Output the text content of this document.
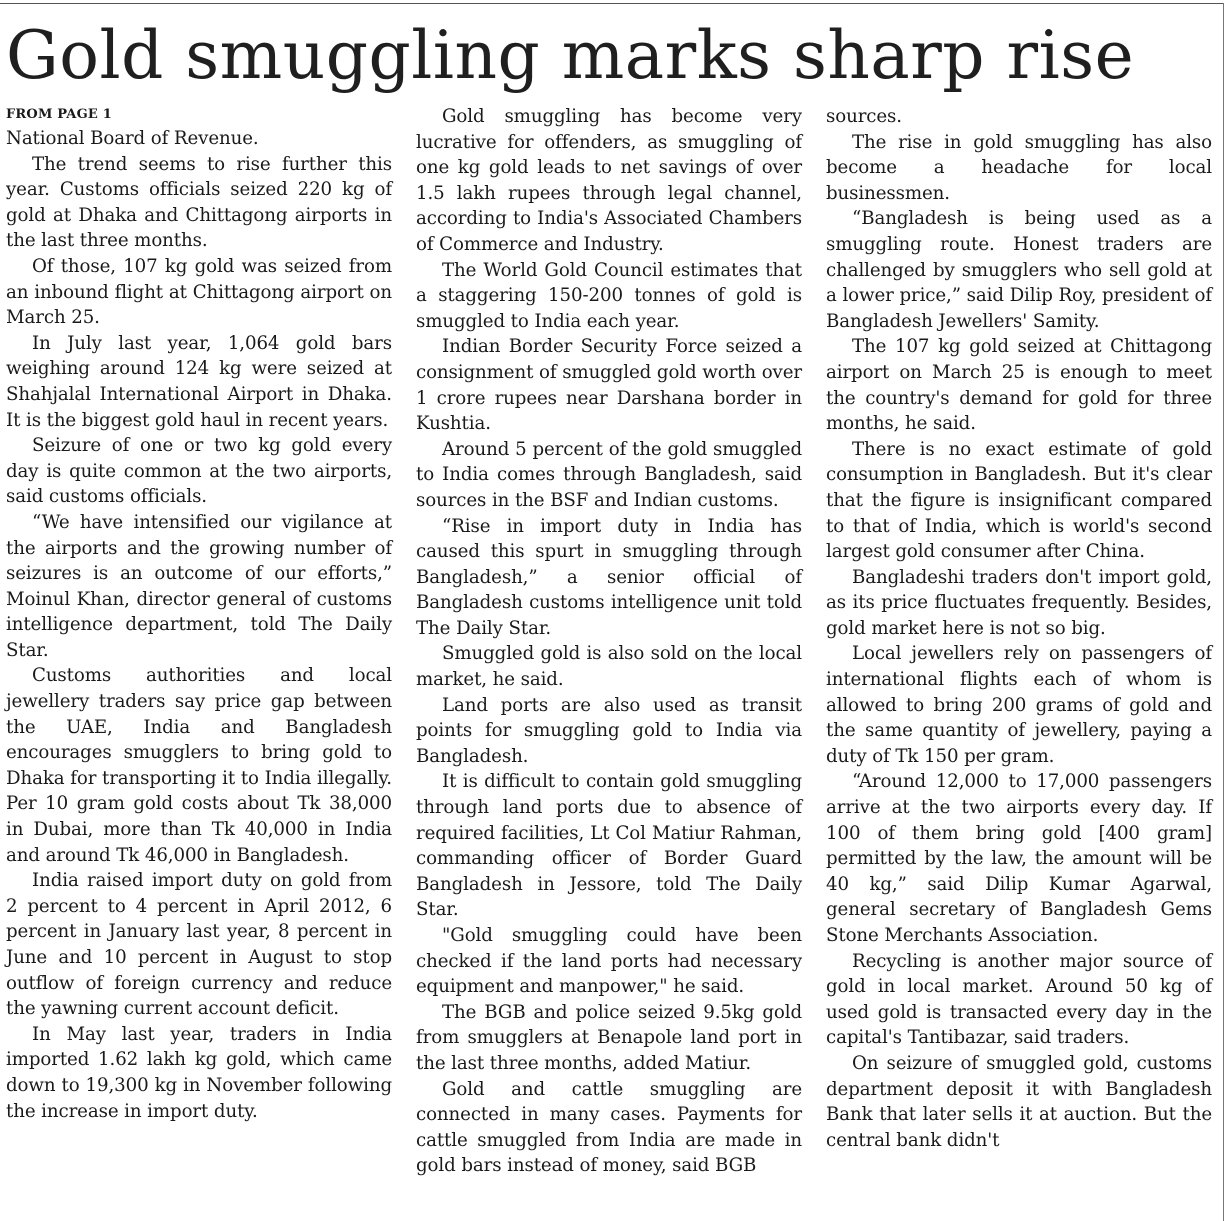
Gold smuggling marks sharp rise
FROM PAGE 1

National Board of Revenue.

The trend seems to rise further this year. Customs officials seized 220 kg of gold at Dhaka and Chittagong airports in the last three months.

Of those, 107 kg gold was seized from an inbound flight at Chittagong airport on March 25.

In July last year, 1,064 gold bars weighing around 124 kg were seized at Shahjalal International Airport in Dhaka. It is the biggest gold haul in recent years.

Seizure of one or two kg gold every day is quite common at the two airports, said customs officials.

“We have intensified our vigilance at the airports and the growing number of seizures is an outcome of our efforts,” Moinul Khan, director general of customs intelligence department, told The Daily Star.

Customs authorities and local jewellery traders say price gap between the UAE, India and Bangladesh encourages smugglers to bring gold to Dhaka for transporting it to India illegally. Per 10 gram gold costs about Tk 38,000 in Dubai, more than Tk 40,000 in India and around Tk 46,000 in Bangladesh.

India raised import duty on gold from 2 percent to 4 percent in April 2012, 6 percent in January last year, 8 percent in June and 10 percent in August to stop outflow of foreign currency and reduce the yawning current account deficit.

In May last year, traders in India imported 1.62 lakh kg gold, which came down to 19,300 kg in November following the increase in import duty.

Gold smuggling has become very lucrative for offenders, as smuggling of one kg gold leads to net savings of over 1.5 lakh rupees through legal channel, according to India's Associated Chambers of Commerce and Industry.

The World Gold Council estimates that a staggering 150-200 tonnes of gold is smuggled to India each year.

Indian Border Security Force seized a consignment of smuggled gold worth over 1 crore rupees near Darshana border in Kushtia.

Around 5 percent of the gold smuggled to India comes through Bangladesh, said sources in the BSF and Indian customs.

“Rise in import duty in India has caused this spurt in smuggling through Bangladesh,” a senior official of Bangladesh customs intelligence unit told The Daily Star.

Smuggled gold is also sold on the local market, he said.

Land ports are also used as transit points for smuggling gold to India via Bangladesh.

It is difficult to contain gold smuggling through land ports due to absence of required facilities, Lt Col Matiur Rahman, commanding officer of Border Guard Bangladesh in Jessore, told The Daily Star.

"Gold smuggling could have been checked if the land ports had necessary equipment and manpower," he said.

The BGB and police seized 9.5kg gold from smugglers at Benapole land port in the last three months, added Matiur.

Gold and cattle smuggling are connected in many cases. Payments for cattle smuggled from India are made in gold bars instead of money, said BGB

sources.

The rise in gold smuggling has also become a headache for local businessmen.

“Bangladesh is being used as a smuggling route. Honest traders are challenged by smugglers who sell gold at a lower price,” said Dilip Roy, president of Bangladesh Jewellers' Samity.

The 107 kg gold seized at Chittagong airport on March 25 is enough to meet the country's demand for gold for three months, he said.

There is no exact estimate of gold consumption in Bangladesh. But it's clear that the figure is insignificant compared to that of India, which is world's second largest gold consumer after China.

Bangladeshi traders don't import gold, as its price fluctuates frequently. Besides, gold market here is not so big.

Local jewellers rely on passengers of international flights each of whom is allowed to bring 200 grams of gold and the same quantity of jewellery, paying a duty of Tk 150 per gram.

“Around 12,000 to 17,000 passengers arrive at the two airports every day. If 100 of them bring gold [400 gram] permitted by the law, the amount will be 40 kg,” said Dilip Kumar Agarwal, general secretary of Bangladesh Gems Stone Merchants Association.

Recycling is another major source of gold in local market. Around 50 kg of used gold is transacted every day in the capital's Tantibazar, said traders.

On seizure of smuggled gold, customs department deposit it with Bangladesh Bank that later sells it at auction. But the central bank didn't
